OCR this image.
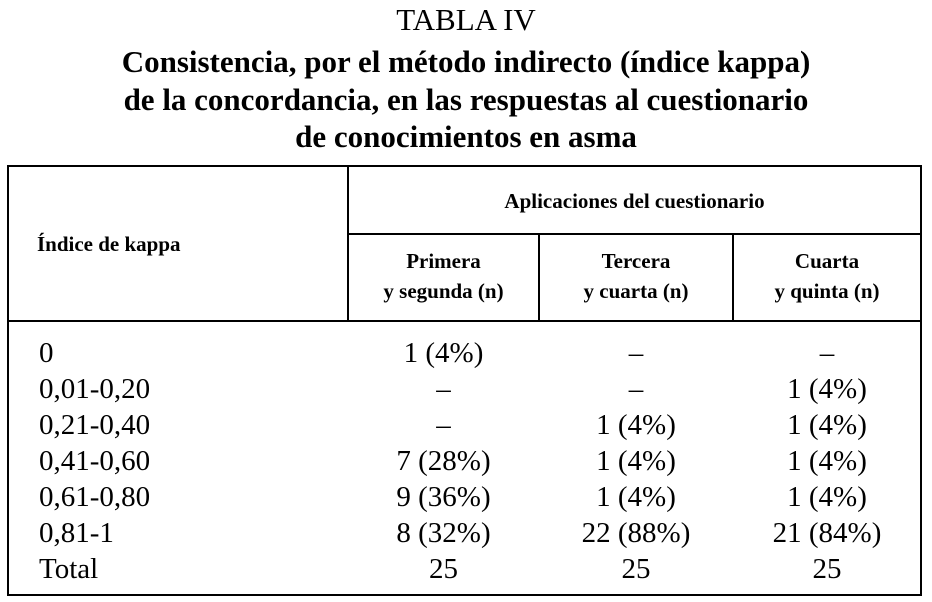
TABLA IV
Consistencia, por el método indirecto (índice kappa)
de la concordancia, en las respuestas al cuestionario
de conocimientos en asma
Índice de kappa
Aplicaciones del cuestionario
Primera
y segunda (n)
Tercera
y cuarta (n)
Cuarta
y quinta (n)
0	1 (4%)	–	–
0,01-0,20	–	–	1 (4%)
0,21-0,40	–	1 (4%)	1 (4%)
0,41-0,60	7 (28%)	1 (4%)	1 (4%)
0,61-0,80	9 (36%)	1 (4%)	1 (4%)
0,81-1	8 (32%)	22 (88%)	21 (84%)
Total	25	25	25
